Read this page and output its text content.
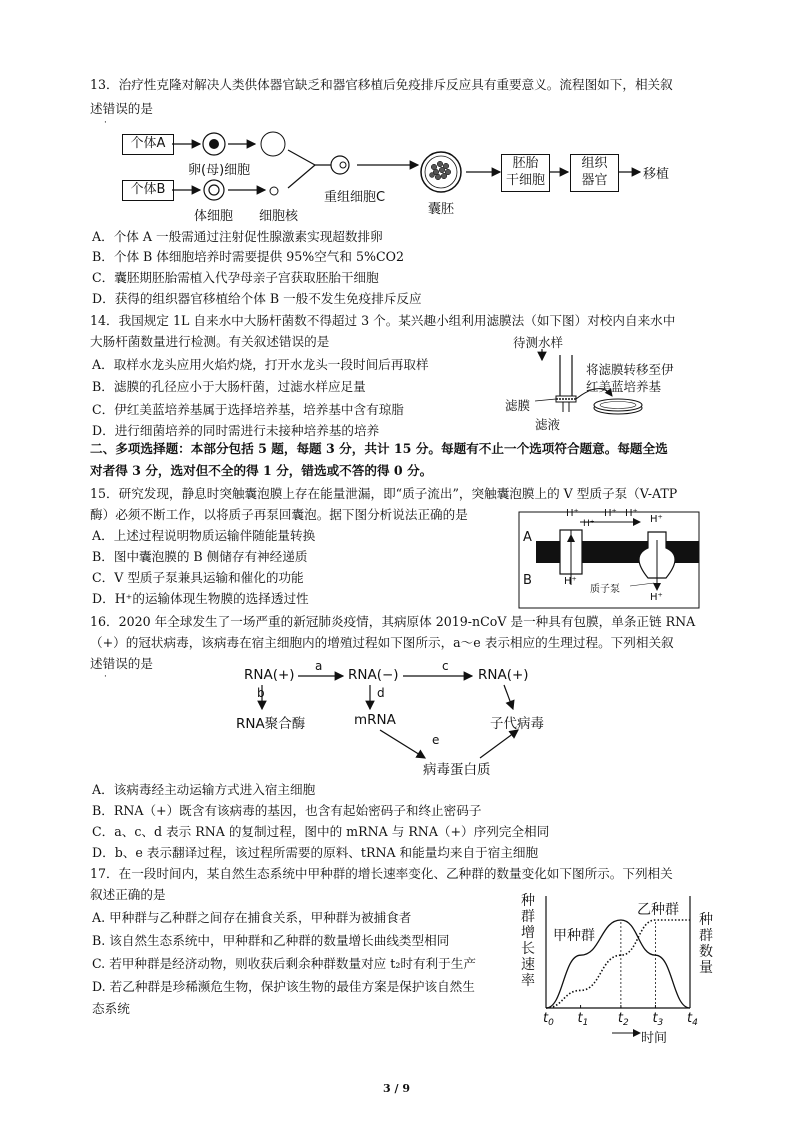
13．治疗性克隆对解决人类供体器官缺乏和器官移植后免疫排斥反应具有重要意义。流程图如下，相关叙
述错误的是
·
个体A
个体B
卵(母)细胞
体细胞 细胞核
重组细胞C
囊胚
胚胎
干细胞
组织
器官	移植
A．个体 A 一般需通过注射促性腺激素实现超数排卵
B．个体 B 体细胞培养时需要提供 95%空气和 5%CO2
C．囊胚期胚胎需植入代孕母亲子宫获取胚胎干细胞
D．获得的组织器官移植给个体 B 一般不发生免疫排斥反应
14．我国规定 1L 自来水中大肠杆菌数不得超过 3 个。某兴趣小组利用滤膜法（如下图）对校内自来水中
大肠杆菌数量进行检测。有关叙述错误的是
A．取样水龙头应用火焰灼烧，打开水龙头一段时间后再取样
B．滤膜的孔径应小于大肠杆菌，过滤水样应足量
C．伊红美蓝培养基属于选择培养基，培养基中含有琼脂
D．进行细菌培养的同时需进行未接种培养基的培养
待测水样
将滤膜转移至伊
红美蓝培养基
滤膜
滤液
二、多项选择题：本部分包括 5 题，每题 3 分，共计 15 分。每题有不止一个选项符合题意。每题全选
对者得 3 分，选对但不全的得 1 分，错选或不答的得 0 分。
15．研究发现，静息时突触囊泡膜上存在能量泄漏，即“质子流出”，突触囊泡膜上的 V 型质子泵（V-ATP
酶）必须不断工作，以将质子再泵回囊泡。据下图分析说法正确的是
A．上述过程说明物质运输伴随能量转换
B．图中囊泡膜的 B 侧储存有神经递质
C．V 型质子泵兼具运输和催化的功能
D．H⁺的运输体现生物膜的选择透过性
A
B
H⁺
H⁺
H⁺ H⁺
H⁺
H⁺
H⁺
质子泵
16．2020 年全球发生了一场严重的新冠肺炎疫情，其病原体 2019-nCoV 是一种具有包膜，单条正链 RNA
（+）的冠状病毒，该病毒在宿主细胞内的增殖过程如下图所示，a～e 表示相应的生理过程。下列相关叙
述错误的是
·	RNA(+)	RNA(−)	RNA(+)
RNA聚合酶	mRNA	子代病毒
病毒蛋白质
a
b
c
d
e
A．该病毒经主动运输方式进入宿主细胞
B．RNA（+）既含有该病毒的基因，也含有起始密码子和终止密码子
C．a、c、d 表示 RNA 的复制过程，图中的 mRNA 与 RNA（+）序列完全相同
D．b、e 表示翻译过程，该过程所需要的原料、tRNA 和能量均来自于宿主细胞
17．在一段时间内，某自然生态系统中甲种群的增长速率变化、乙种群的数量变化如下图所示。下列相关
叙述正确的是
A. 甲种群与乙种群之间存在捕食关系，甲种群为被捕食者
B. 该自然生态系统中，甲种群和乙种群的数量增长曲线类型相同
C. 若甲种群是经济动物，则收获后剩余种群数量对应 t₂时有利于生产
D. 若乙种群是珍稀濒危生物，保护该生物的最佳方案是保护该自然生
态系统
种群增长速率
种群数量
$t_0$ $t_1$ $t_2$ $t_3$ $t_4$
甲种群
乙种群
时间
3 / 9
